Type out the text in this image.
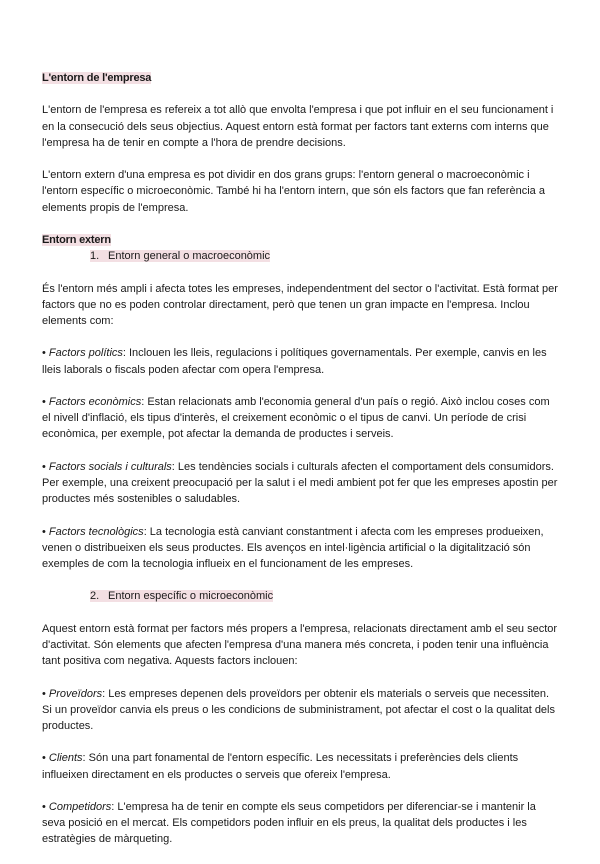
L'entorn de l'empresa

L'entorn de l'empresa es refereix a tot allò que envolta l'empresa i que pot influir en el seu funcionament i en la consecució dels seus objectius. Aquest entorn està format per factors tant externs com interns que l'empresa ha de tenir en compte a l'hora de prendre decisions.

L'entorn extern d'una empresa es pot dividir en dos grans grups: l'entorn general o macroeconòmic i l'entorn específic o microeconòmic. També hi ha l'entorn intern, que són els factors que fan referència a elements propis de l'empresa.

Entorn extern

1. Entorn general o macroeconòmic

És l'entorn més ampli i afecta totes les empreses, independentment del sector o l'activitat. Està format per factors que no es poden controlar directament, però que tenen un gran impacte en l'empresa. Inclou elements com:

• Factors polítics: Inclouen les lleis, regulacions i polítiques governamentals. Per exemple, canvis en les lleis laborals o fiscals poden afectar com opera l'empresa.

• Factors econòmics: Estan relacionats amb l'economia general d'un país o regió. Això inclou coses com el nivell d'inflació, els tipus d'interès, el creixement econòmic o el tipus de canvi. Un període de crisi econòmica, per exemple, pot afectar la demanda de productes i serveis.

• Factors socials i culturals: Les tendències socials i culturals afecten el comportament dels consumidors. Per exemple, una creixent preocupació per la salut i el medi ambient pot fer que les empreses apostin per productes més sostenibles o saludables.

• Factors tecnològics: La tecnologia està canviant constantment i afecta com les empreses produeixen, venen o distribueixen els seus productes. Els avenços en intel·ligència artificial o la digitalització són exemples de com la tecnologia influeix en el funcionament de les empreses.

2. Entorn específic o microeconòmic

Aquest entorn està format per factors més propers a l'empresa, relacionats directament amb el seu sector d'activitat. Són elements que afecten l'empresa d'una manera més concreta, i poden tenir una influència tant positiva com negativa. Aquests factors inclouen:

• Proveïdors: Les empreses depenen dels proveïdors per obtenir els materials o serveis que necessiten. Si un proveïdor canvia els preus o les condicions de subministrament, pot afectar el cost o la qualitat dels productes.

• Clients: Són una part fonamental de l'entorn específic. Les necessitats i preferències dels clients influeixen directament en els productes o serveis que ofereix l'empresa.

• Competidors: L'empresa ha de tenir en compte els seus competidors per diferenciar-se i mantenir la seva posició en el mercat. Els competidors poden influir en els preus, la qualitat dels productes i les estratègies de màrqueting.
